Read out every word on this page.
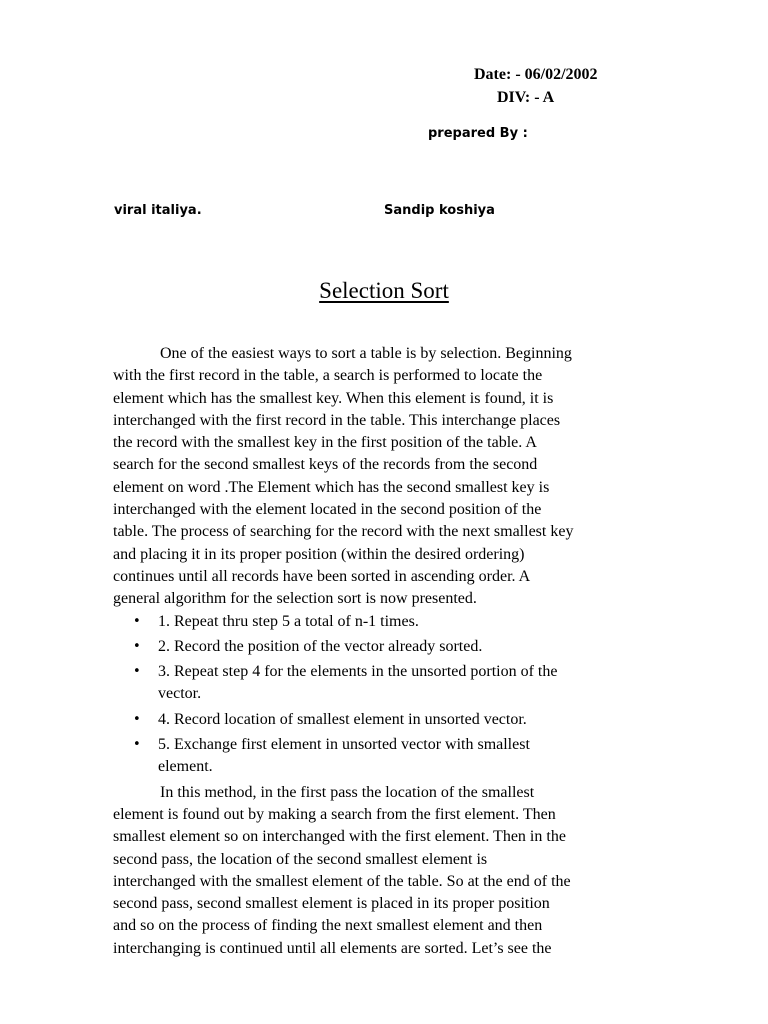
Date: - 06/02/2002
DIV: - A
prepared By :
viral italiya.	Sandip koshiya
Selection Sort
One of the easiest ways to sort a table is by selection. Beginning
with the first record in the table, a search is performed to locate the
element which has the smallest key. When this element is found, it is
interchanged with the first record in the table. This interchange places
the record with the smallest key in the first position of the table. A
search for the second smallest keys of the records from the second
element on word .The Element which has the second smallest key is
interchanged with the element located in the second position of the
table. The process of searching for the record with the next smallest key
and placing it in its proper position (within the desired ordering)
continues until all records have been sorted in ascending order. A
general algorithm for the selection sort is now presented.
• 1. Repeat thru step 5 a total of n-1 times.
• 2. Record the position of the vector already sorted.
• 3. Repeat step 4 for the elements in the unsorted portion of the
vector.
• 4. Record location of smallest element in unsorted vector.
• 5. Exchange first element in unsorted vector with smallest
element.
In this method, in the first pass the location of the smallest
element is found out by making a search from the first element. Then
smallest element so on interchanged with the first element. Then in the
second pass, the location of the second smallest element is
interchanged with the smallest element of the table. So at the end of the
second pass, second smallest element is placed in its proper position
and so on the process of finding the next smallest element and then
interchanging is continued until all elements are sorted. Let’s see the
